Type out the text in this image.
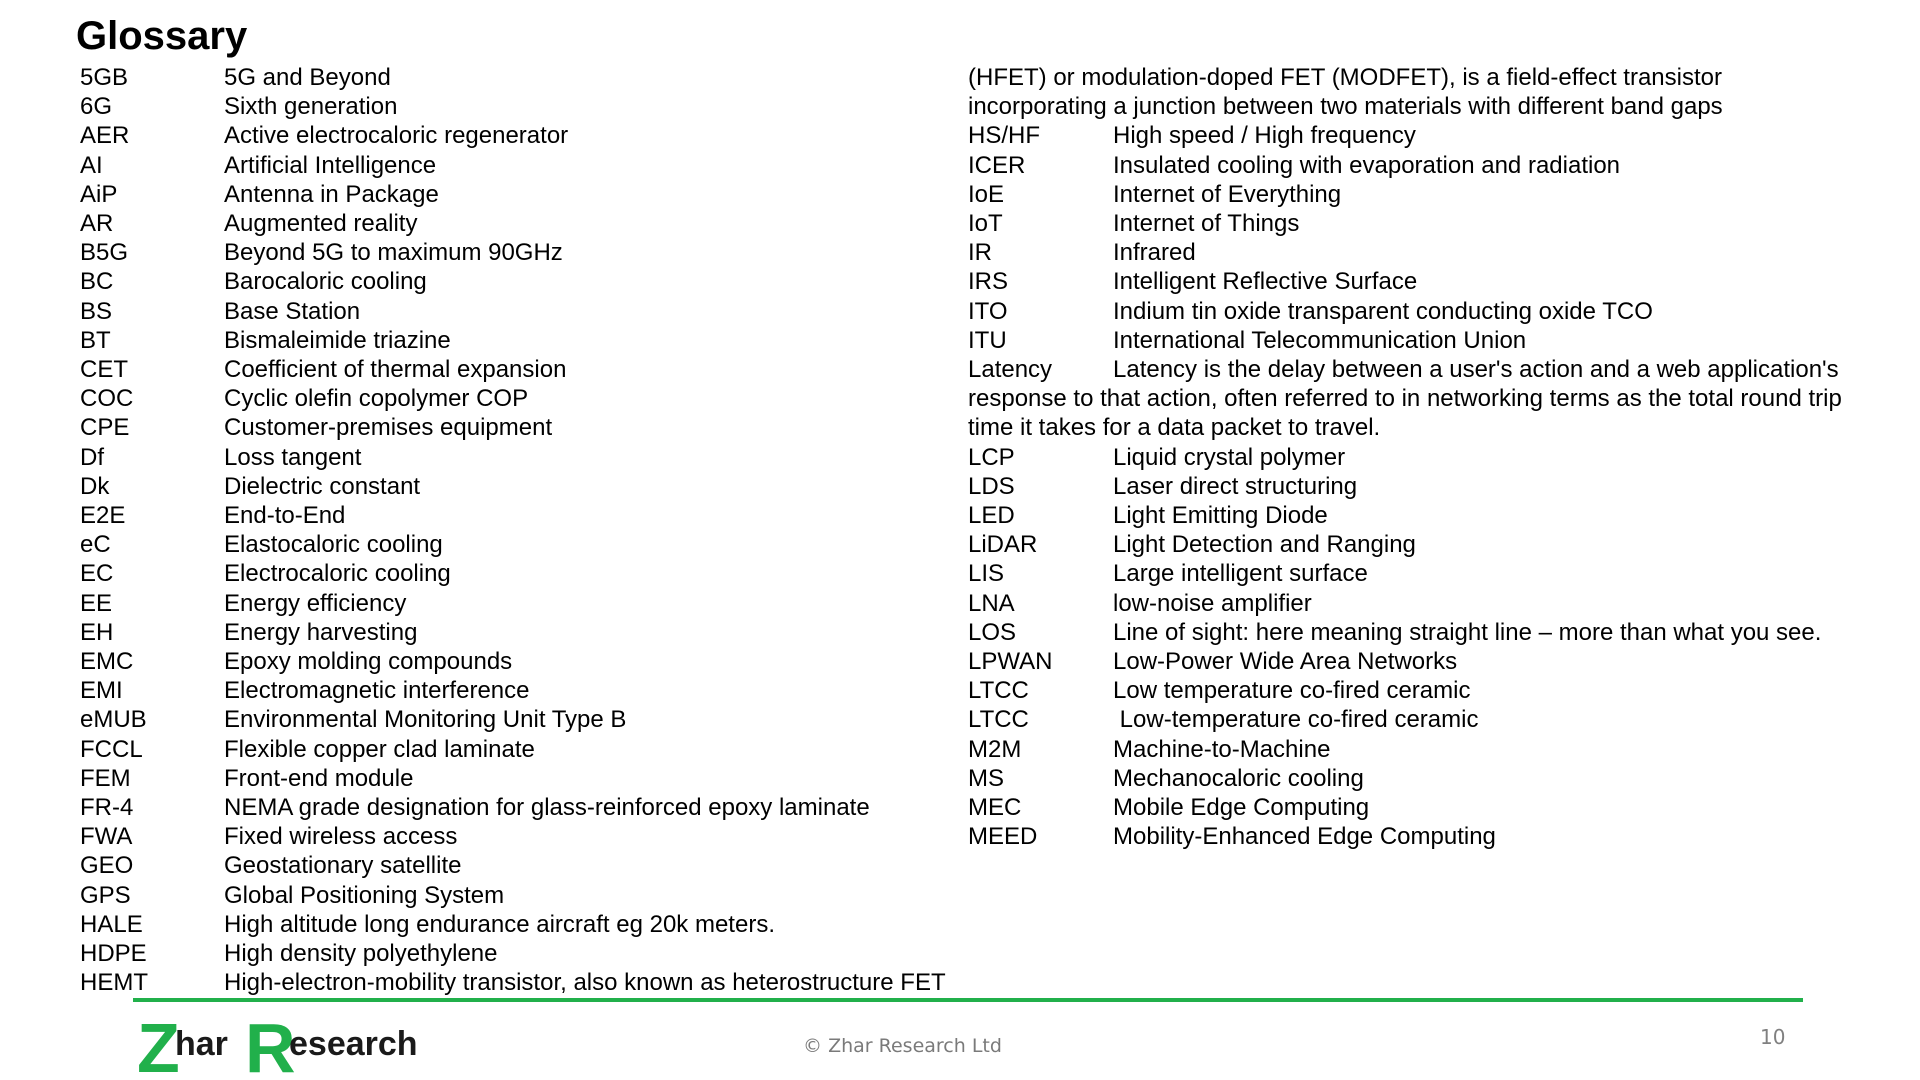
Glossary
5GB	5G and Beyond
6G	Sixth generation
AER	Active electrocaloric regenerator
AI	Artificial Intelligence
AiP	Antenna in Package
AR	Augmented reality
B5G	Beyond 5G to maximum 90GHz
BC	Barocaloric cooling
BS	Base Station
BT	Bismaleimide triazine
CET	Coefficient of thermal expansion
COC	Cyclic olefin copolymer COP
CPE	Customer-premises equipment
Df	Loss tangent
Dk	Dielectric constant
E2E	End-to-End
eC	Elastocaloric cooling
EC	Electrocaloric cooling
EE	Energy efficiency
EH	Energy harvesting
EMC	Epoxy molding compounds
EMI	Electromagnetic interference
eMUB	Environmental Monitoring Unit Type B
FCCL	Flexible copper clad laminate
FEM	Front-end module
FR-4	NEMA grade designation for glass-reinforced epoxy laminate
FWA	Fixed wireless access
GEO	Geostationary satellite
GPS	Global Positioning System
HALE	High altitude long endurance aircraft eg 20k meters.
HDPE	High density polyethylene
HEMT	High-electron-mobility transistor, also known as heterostructure FET
(HFET) or modulation-doped FET (MODFET), is a field-effect transistor
incorporating a junction between two materials with different band gaps
HS/HF	High speed / High frequency
ICER	Insulated cooling with evaporation and radiation
IoE	Internet of Everything
IoT	Internet of Things
IR	Infrared
IRS	Intelligent Reflective Surface
ITO	Indium tin oxide transparent conducting oxide TCO
ITU	International Telecommunication Union
Latency	Latency is the delay between a user's action and a web application's
response to that action, often referred to in networking terms as the total round trip
time it takes for a data packet to travel.
LCP	Liquid crystal polymer
LDS	Laser direct structuring
LED	Light Emitting Diode
LiDAR	Light Detection and Ranging
LIS	Large intelligent surface
LNA	low-noise amplifier
LOS	Line of sight: here meaning straight line – more than what you see.
LPWAN	Low-Power Wide Area Networks
LTCC	Low temperature co-fired ceramic
LTCC	Low-temperature co-fired ceramic
M2M	Machine-to-Machine
MS	Mechanocaloric cooling
MEC	Mobile Edge Computing
MEED	Mobility-Enhanced Edge Computing
Z
har R
esearch	© Zhar Research Ltd	10
